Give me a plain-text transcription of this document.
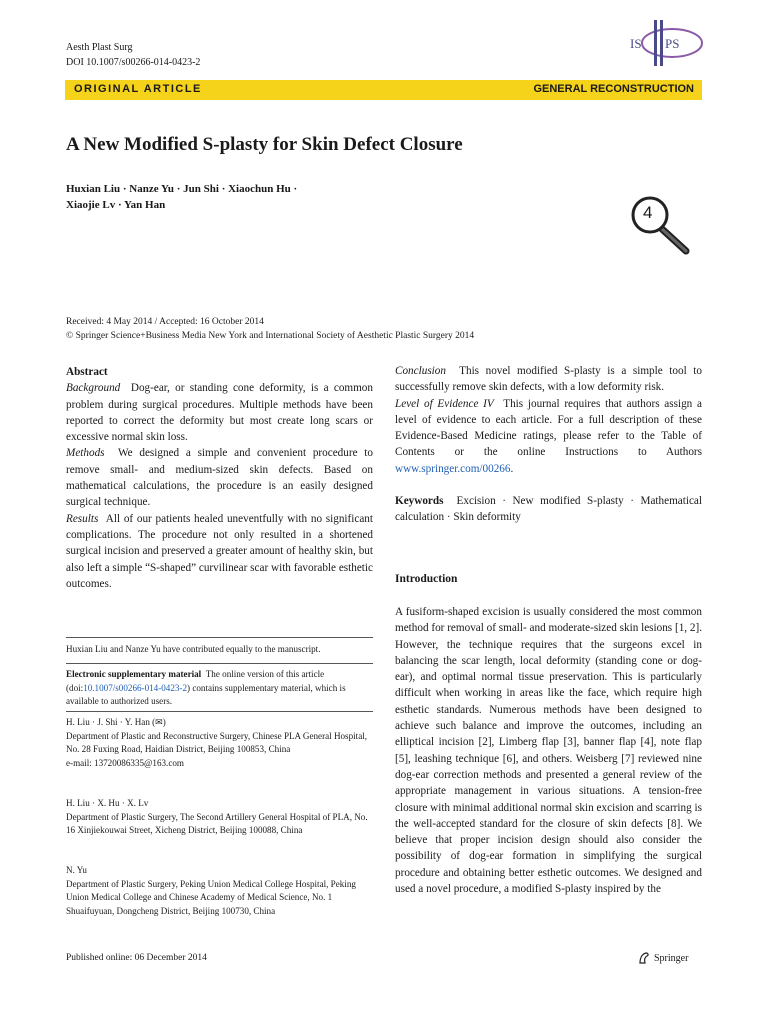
Aesth Plast Surg
DOI 10.1007/s00266-014-0423-2
IS PS
ORIGINAL ARTICLE	GENERAL RECONSTRUCTION
A New Modified S-plasty for Skin Defect Closure
Huxian Liu · Nanze Yu · Jun Shi · Xiaochun Hu ·
Xiaojie Lv · Yan Han	4
Received: 4 May 2014 / Accepted: 16 October 2014
© Springer Science+Business Media New York and International Society of Aesthetic Plastic Surgery 2014

Abstract

Background Dog-ear, or standing cone deformity, is a common problem during surgical procedures. Multiple methods have been reported to correct the deformity but most create long scars or excessive normal skin loss.

Methods We designed a simple and convenient procedure to remove small- and medium-sized skin defects. Based on mathematical calculations, the procedure is an easily designed surgical technique.

Results All of our patients healed uneventfully with no significant complications. The procedure not only resulted in a shortened surgical incision and preserved a greater amount of healthy skin, but also left a simple “S-shaped” curvilinear scar with favorable esthetic outcomes.

Conclusion This novel modified S-plasty is a simple tool to successfully remove skin defects, with a low deformity risk.

Level of Evidence IV This journal requires that authors assign a level of evidence to each article. For a full description of these Evidence-Based Medicine ratings, please refer to the Table of Contents or the online Instructions to Authors www.springer.com/00266.

Keywords Excision · New modified S-plasty · Mathematical calculation · Skin deformity

Huxian Liu and Nanze Yu have contributed equally to the manuscript.
Electronic supplementary material The online version of this article (doi:10.1007/s00266-014-0423-2) contains supplementary material, which is available to authorized users.
H. Liu · J. Shi · Y. Han (✉)
Department of Plastic and Reconstructive Surgery, Chinese PLA General Hospital, No. 28 Fuxing Road, Haidian District, Beijing 100853, China
e-mail: 13720086335@163.com
H. Liu · X. Hu · X. Lv
Department of Plastic Surgery, The Second Artillery General Hospital of PLA, No. 16 Xinjiekouwai Street, Xicheng District, Beijing 100088, China
N. Yu
Department of Plastic Surgery, Peking Union Medical College Hospital, Peking Union Medical College and Chinese Academy of Medical Science, No. 1 Shuaifuyuan, Dongcheng District, Beijing 100730, China
Introduction
A fusiform-shaped excision is usually considered the most common method for removal of small- and moderate-sized skin lesions [1, 2]. However, the technique requires that the surgeons excel in balancing the scar length, local deformity (standing cone or dog-ear), and optimal normal tissue preservation. This is particularly difficult when working in areas like the face, which require high esthetic standards. Numerous methods have been designed to achieve such balance and improve the outcomes, including an elliptical incision [2], Limberg flap [3], banner flap [4], note flap [5], leashing technique [6], and others. Weisberg [7] reviewed nine dog-ear correction methods and presented a general review of the appropriate management in various situations. A tension-free closure with minimal additional normal skin excision and scarring is the well-accepted standard for the closure of skin defects [8]. We believe that proper incision design should also consider the possibility of dog-ear formation in simplifying the surgical procedure and obtaining better esthetic outcomes. We designed and used a novel procedure, a modified S-plasty inspired by the
Published online: 06 December 2014	Springer
